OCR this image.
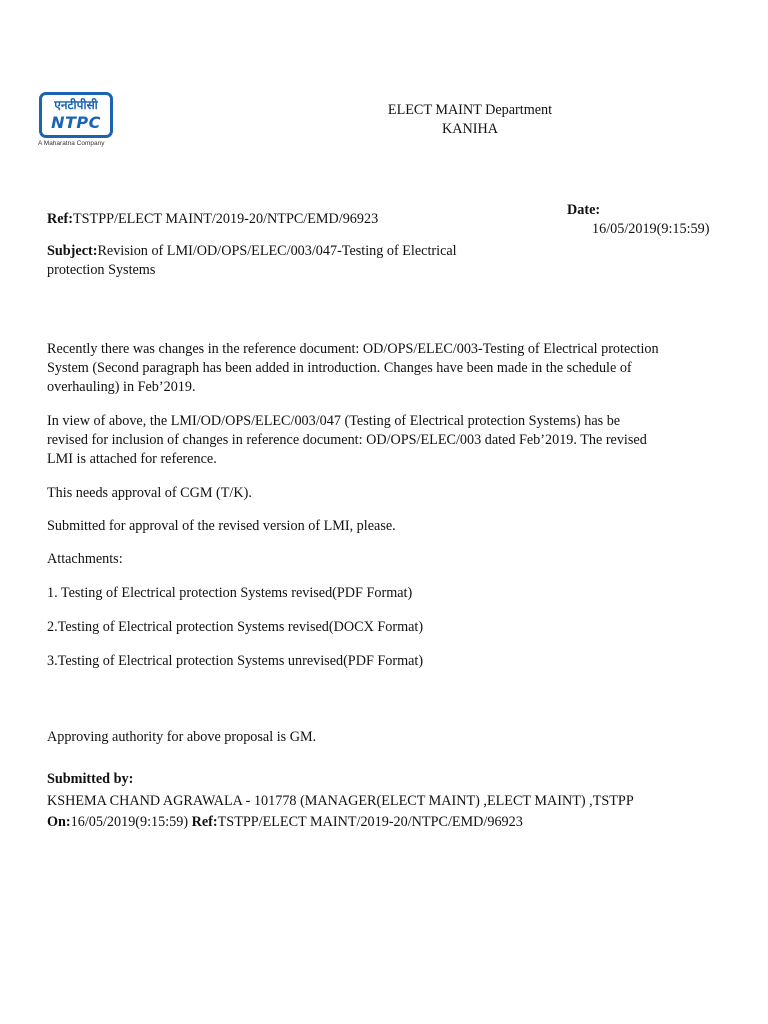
एनटीपीसी
NTPC
A Maharatna Company
ELECT MAINT Department
KANIHA
Ref:TSTPP/ELECT MAINT/2019-20/NTPC/EMD/96923
Date:
16/05/2019(9:15:59)
Subject:Revision of LMI/OD/OPS/ELEC/003/047-Testing of Electrical
protection Systems
Recently there was changes in the reference document: OD/OPS/ELEC/003-Testing of Electrical protection
System (Second paragraph has been added in introduction. Changes have been made in the schedule of
overhauling) in Feb’2019.
In view of above, the LMI/OD/OPS/ELEC/003/047 (Testing of Electrical protection Systems) has be
revised for inclusion of changes in reference document: OD/OPS/ELEC/003 dated Feb’2019. The revised
LMI is attached for reference.
This needs approval of CGM (T/K).
Submitted for approval of the revised version of LMI, please.
Attachments:
1. Testing of Electrical protection Systems revised(PDF Format)
2.Testing of Electrical protection Systems revised(DOCX Format)
3.Testing of Electrical protection Systems unrevised(PDF Format)
Approving authority for above proposal is GM.
Submitted by:
KSHEMA CHAND AGRAWALA - 101778 (MANAGER(ELECT MAINT) ,ELECT MAINT) ,TSTPP
On:16/05/2019(9:15:59) Ref:TSTPP/ELECT MAINT/2019-20/NTPC/EMD/96923
